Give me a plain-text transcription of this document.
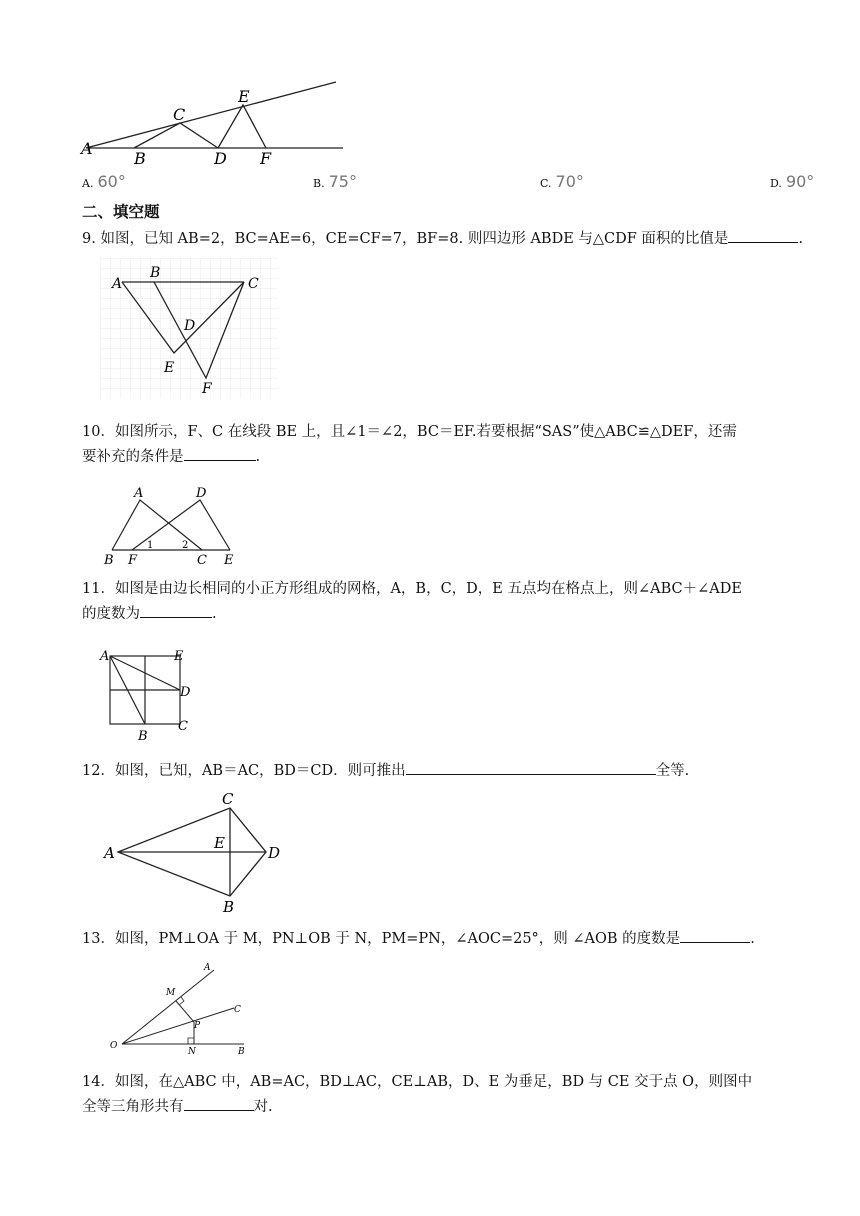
A
B
C
D
E
F
A. 60°	B. 75°	C. 70°	D. 90°
二、填空题
9. 如图，已知 AB=2，BC=AE=6，CE=CF=7，BF=8. 则四边形 ABDE 与△CDF 面积的比值是	.
A
B
C
D
E
F
10．如图所示，F、C 在线段 BE 上，且∠1＝∠2，BC＝EF.若要根据“SAS”使△ABC≌△DEF，还需
要补充的条件是	.
A	D
B F
1	2
C E
11．如图是由边长相同的小正方形组成的网格，A，B，C，D，E 五点均在格点上，则∠ABC＋∠ADE
的度数为	.
A	E
D
C
B
12．如图，已知，AB＝AC，BD＝CD．则可推出	全等.
C
A
E
D
B
13．如图，PM⊥OA 于 M，PN⊥OB 于 N，PM=PN，∠AOC=25°，则 ∠AOB 的度数是	.
A
M
C
P
O
N	B
14．如图，在△ABC 中，AB=AC，BD⊥AC，CE⊥AB，D、E 为垂足，BD 与 CE 交于点 O，则图中
全等三角形共有	对.
